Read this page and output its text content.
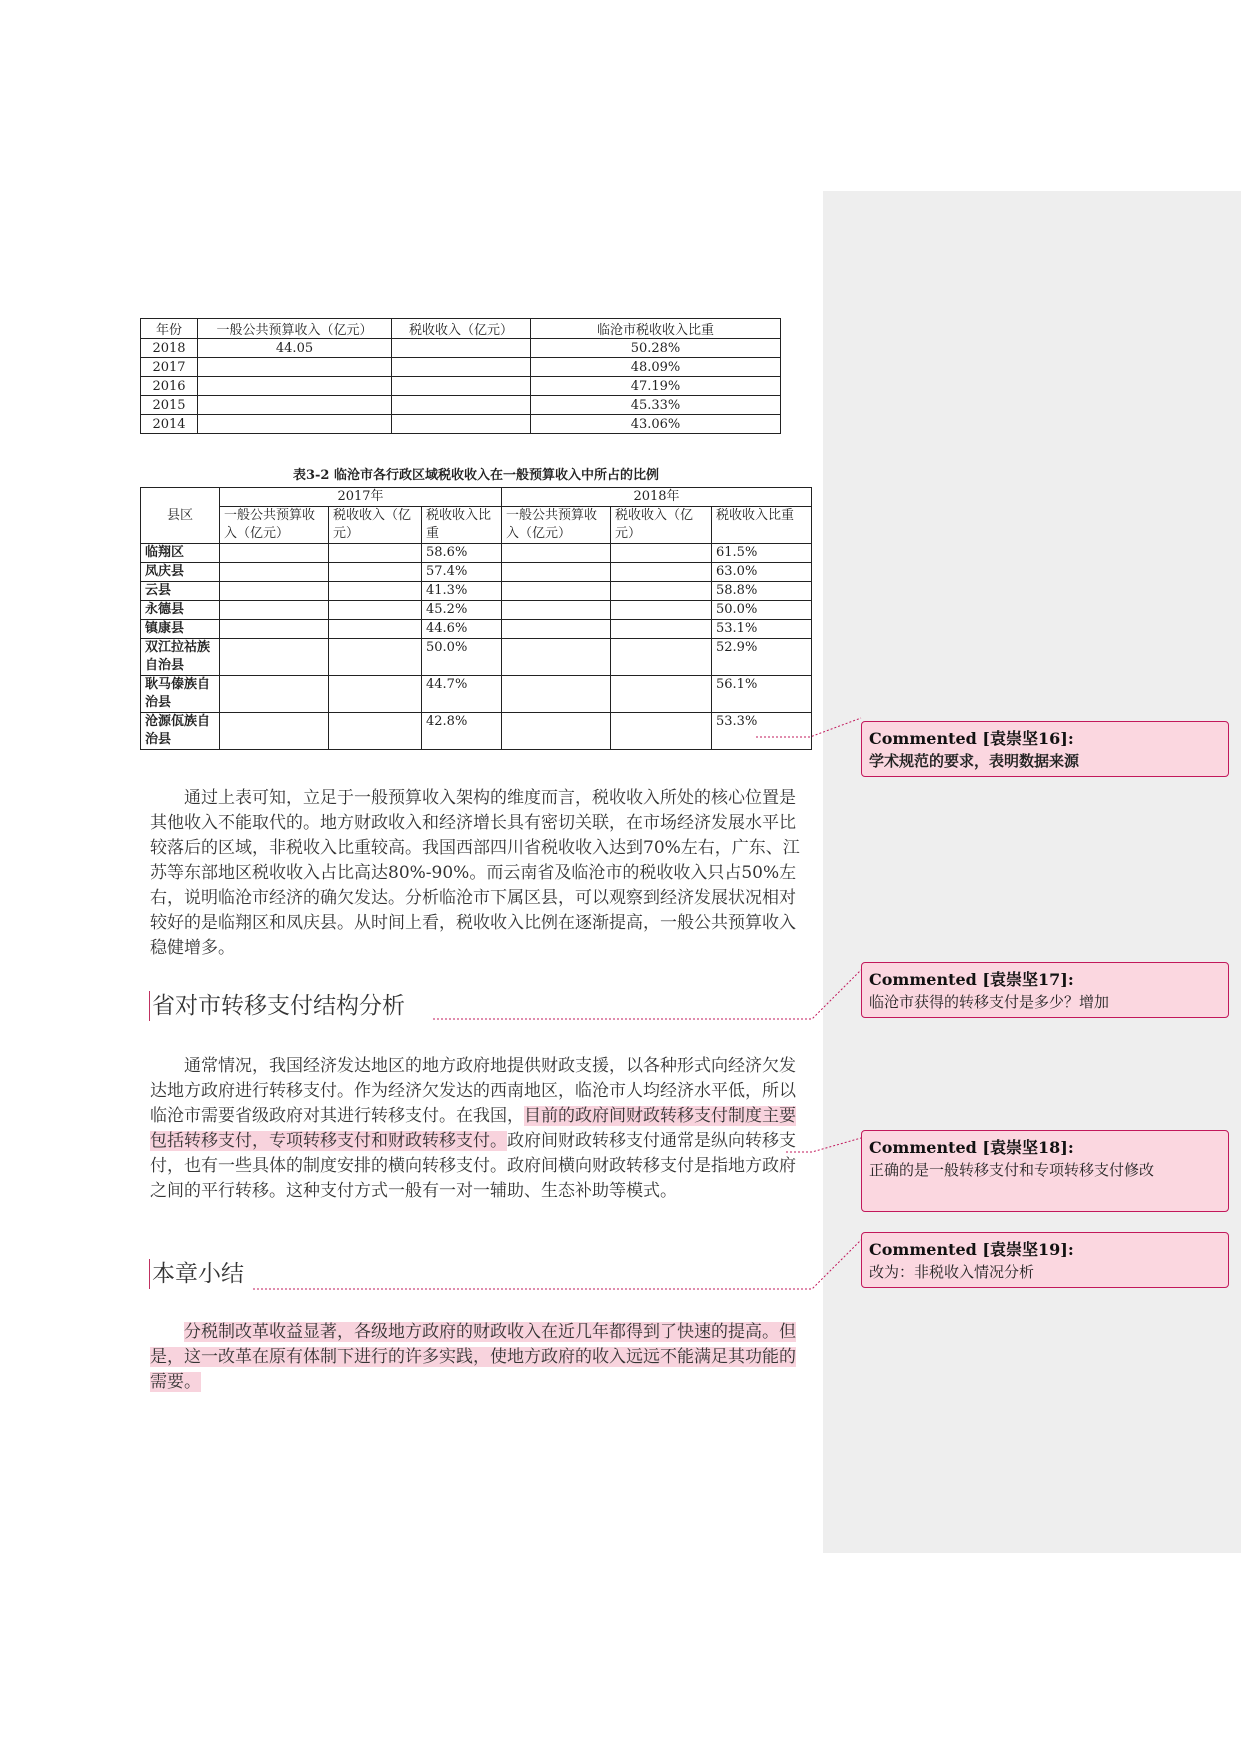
年份	一般公共预算收入（亿元）	税收收入（亿元）	临沧市税收收入比重
2018	44.05		50.28%
2017			48.09%
2016			47.19%
2015			45.33%
2014			43.06%
表3-2 临沧市各行政区域税收收入在一般预算收入中所占的比例
县区	2017年			2018年		
	一般公共预算收入（亿元）	税收收入（亿元）	税收收入比重	一般公共预算收入（亿元）	税收收入（亿元）	税收收入比重
临翔区			58.6%			61.5%
凤庆县			57.4%			63.0%
云县			41.3%			58.8%
永德县			45.2%			50.0%
镇康县			44.6%			53.1%
双江拉祜族自治县			50.0%			52.9%
耿马傣族自治县			44.7%			56.1%
沧源佤族自治县			42.8%			53.3%
通过上表可知，立足于一般预算收入架构的维度而言，税收收入所处的核心位置是其他收入不能取代的。地方财政收入和经济增长具有密切关联，在市场经济发展水平比较落后的区域，非税收入比重较高。我国西部四川省税收收入达到70%左右，广东、江苏等东部地区税收收入占比高达80%-90%。而云南省及临沧市的税收收入只占50%左右，说明临沧市经济的确欠发达。分析临沧市下属区县，可以观察到经济发展状况相对较好的是临翔区和凤庆县。从时间上看，税收收入比例在逐渐提高，一般公共预算收入稳健增多。
省对市转移支付结构分析
通常情况，我国经济发达地区的地方政府地提供财政支援，以各种形式向经济欠发达地方政府进行转移支付。作为经济欠发达的西南地区，临沧市人均经济水平低，所以临沧市需要省级政府对其进行转移支付。在我国，目前的政府间财政转移支付制度主要包括转移支付，专项转移支付和财政转移支付。政府间财政转移支付通常是纵向转移支付，也有一些具体的制度安排的横向转移支付。政府间横向财政转移支付是指地方政府之间的平行转移。这种支付方式一般有一对一辅助、生态补助等模式。
本章小结
分税制改革收益显著，各级地方政府的财政收入在近几年都得到了快速的提高。但是，这一改革在原有体制下进行的许多实践，使地方政府的收入远远不能满足其功能的需要。
Commented [袁崇坚16]:
学术规范的要求，表明数据来源
Commented [袁崇坚17]:
临沧市获得的转移支付是多少？增加
Commented [袁崇坚18]:
正确的是一般转移支付和专项转移支付修改
Commented [袁崇坚19]:
改为：非税收入情况分析
